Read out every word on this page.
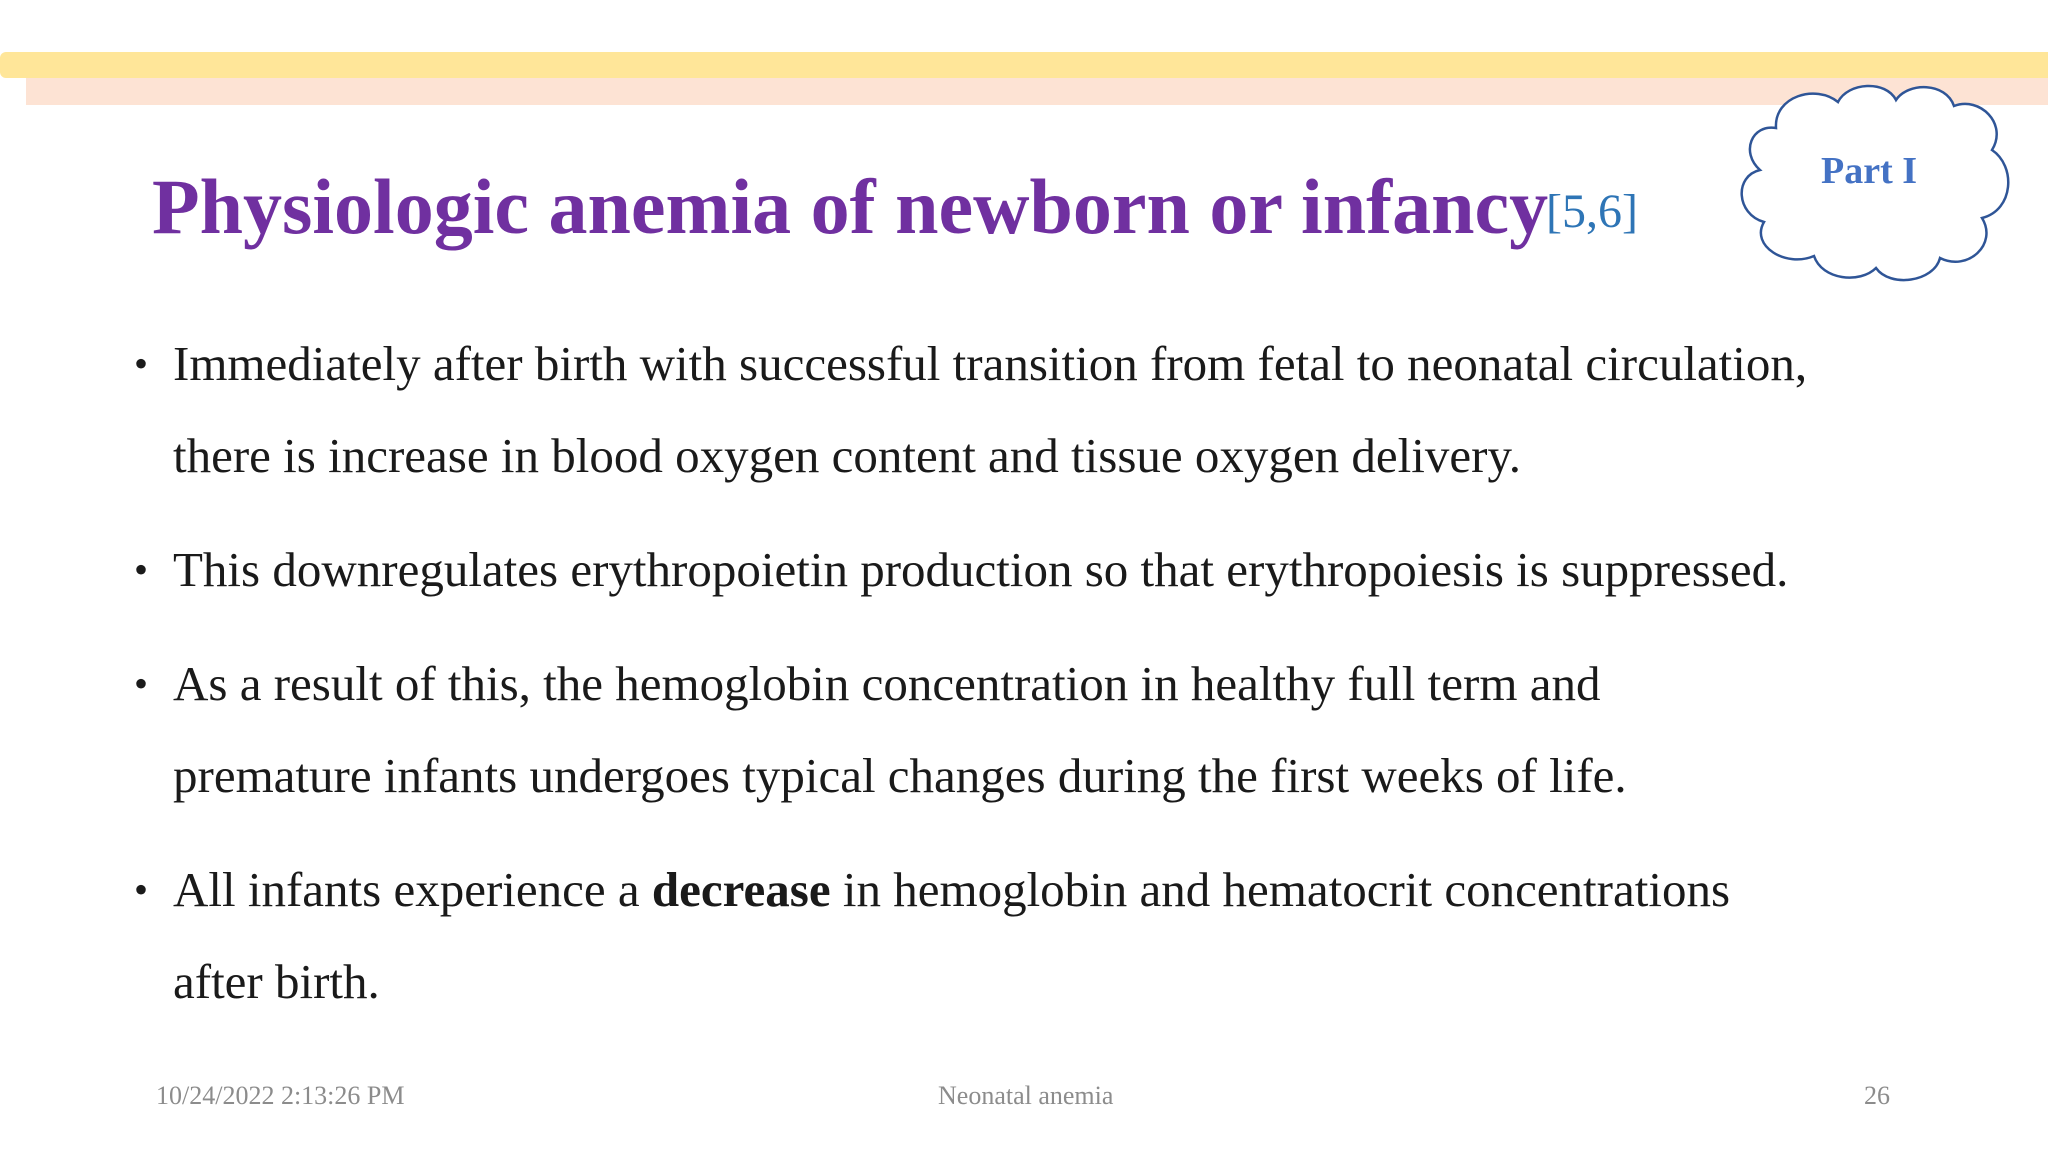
Physiologic anemia of newborn or infancy
[5,6]
Part I
• Immediately after birth with successful transition from fetal to neonatal circulation,
there is increase in blood oxygen content and tissue oxygen delivery.
• This downregulates erythropoietin production so that erythropoiesis is suppressed.
• As a result of this, the hemoglobin concentration in healthy full term and
premature infants undergoes typical changes during the first weeks of life.
• All infants experience a decrease in hemoglobin and hematocrit concentrations
after birth.
10/24/2022 2:13:26 PM	Neonatal anemia	26
